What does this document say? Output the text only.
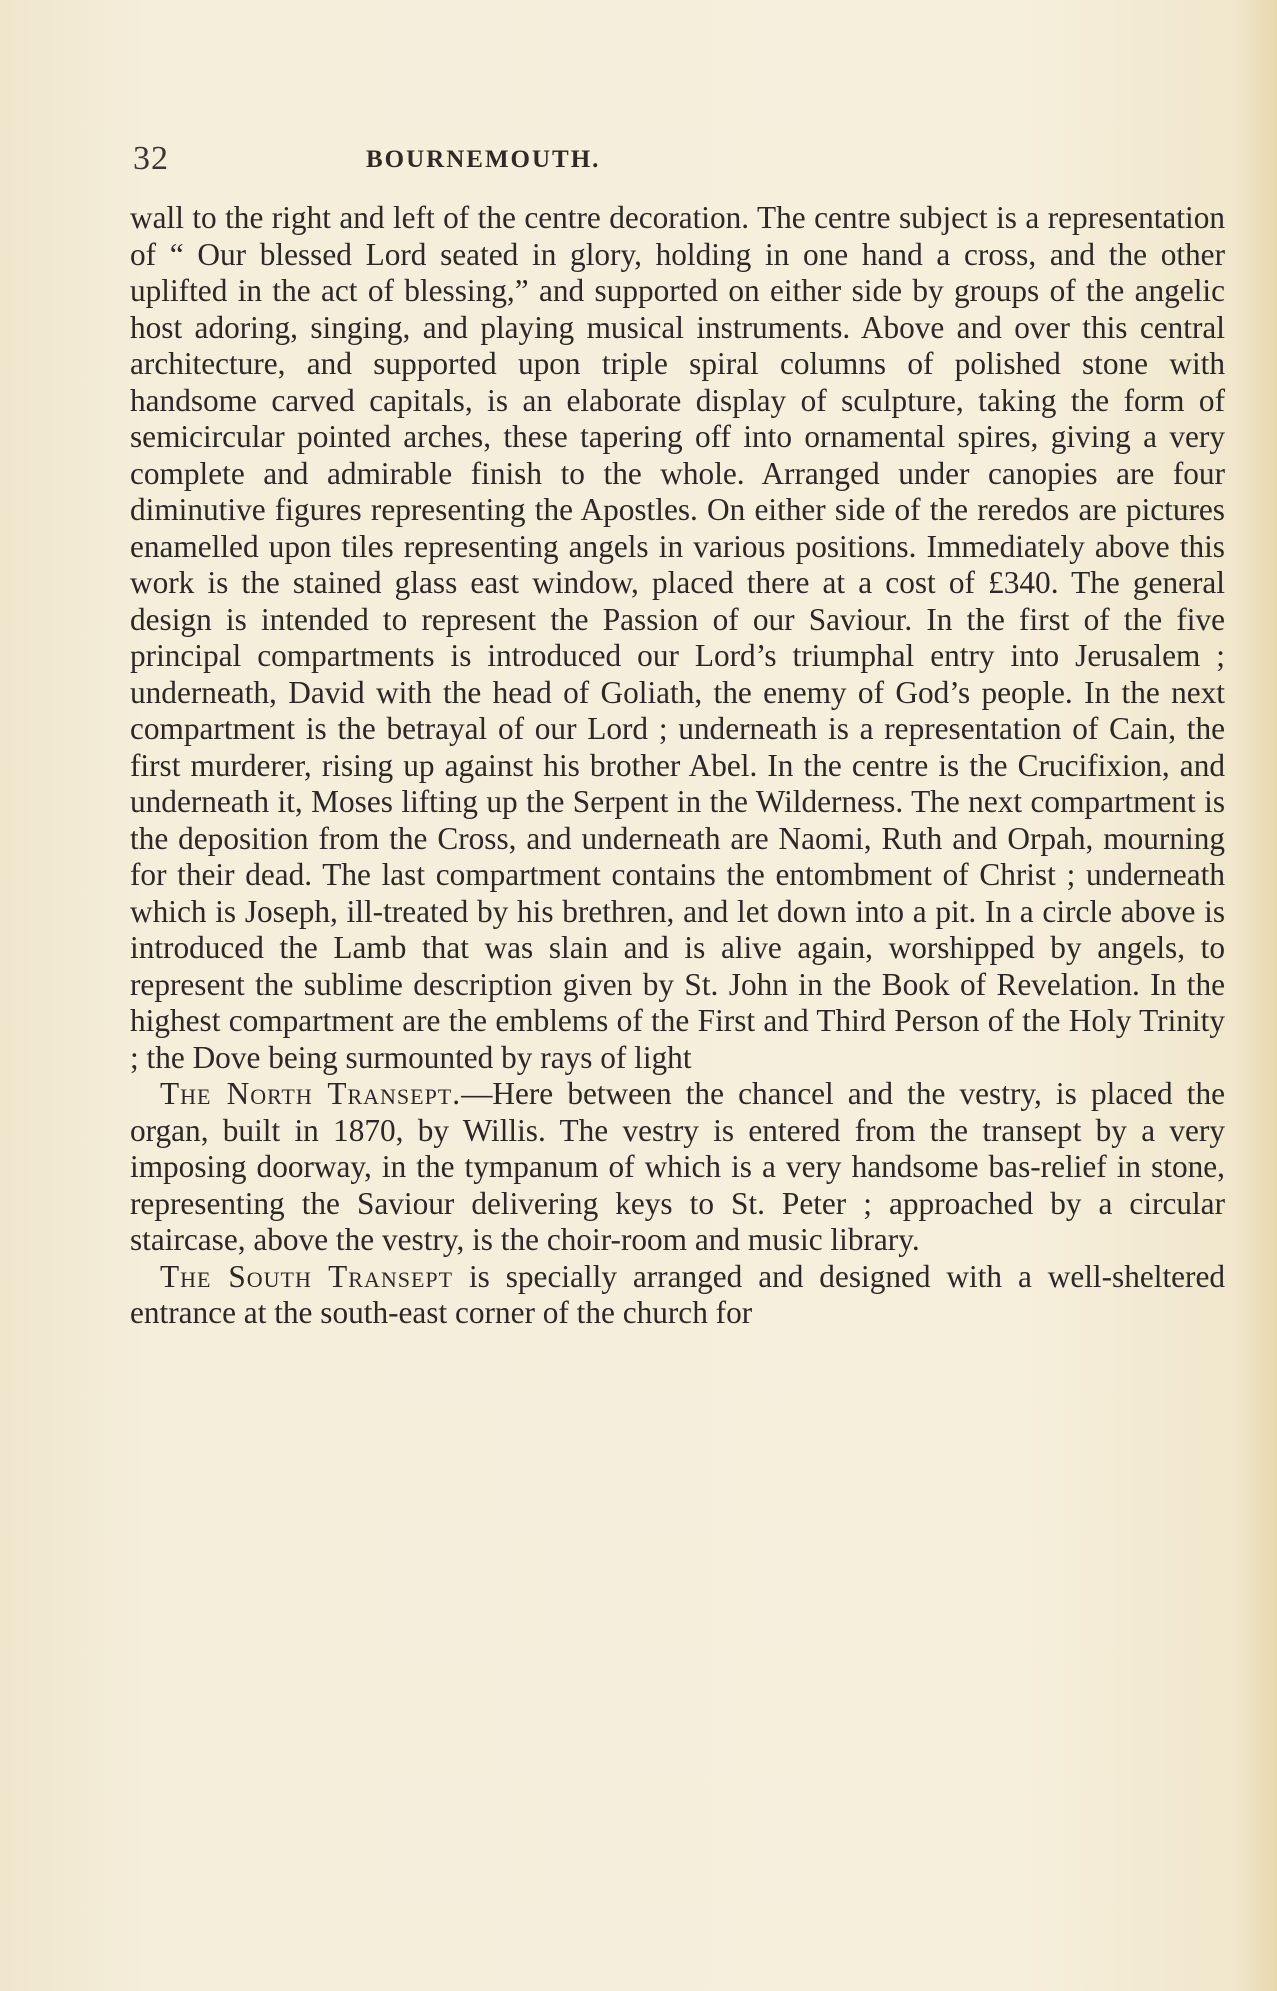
32	BOURNEMOUTH.

wall to the right and left of the centre decoration. The centre subject is a representation of “ Our blessed Lord seated in glory, holding in one hand a cross, and the other uplifted in the act of blessing,” and supported on either side by groups of the angelic host adoring, singing, and playing musical instruments. Above and over this central architecture, and supported upon triple spiral columns of polished stone with handsome carved capitals, is an elaborate display of sculpture, taking the form of semicircular pointed arches, these tapering off into ornamental spires, giving a very complete and admirable finish to the whole. Arranged under canopies are four diminutive figures representing the Apostles. On either side of the reredos are pictures enamelled upon tiles representing angels in various positions. Immediately above this work is the stained glass east window, placed there at a cost of £340. The general design is intended to represent the Passion of our Saviour. In the first of the five principal compartments is introduced our Lord’s triumphal entry into Jerusalem ; underneath, David with the head of Goliath, the enemy of God’s people. In the next compartment is the betrayal of our Lord ; underneath is a representation of Cain, the first murderer, rising up against his brother Abel. In the centre is the Crucifixion, and underneath it, Moses lifting up the Serpent in the Wilderness. The next compartment is the deposition from the Cross, and underneath are Naomi, Ruth and Orpah, mourning for their dead. The last compartment contains the entombment of Christ ; underneath which is Joseph, ill-treated by his brethren, and let down into a pit. In a circle above is introduced the Lamb that was slain and is alive again, worshipped by angels, to represent the sublime description given by St. John in the Book of Revelation. In the highest compartment are the emblems of the First and Third Person of the Holy Trinity ; the Dove being surmounted by rays of light

The North Transept.—Here between the chancel and the vestry, is placed the organ, built in 1870, by Willis. The vestry is entered from the transept by a very imposing doorway, in the tympanum of which is a very handsome bas-relief in stone, representing the Saviour delivering keys to St. Peter ; approached by a circular staircase, above the vestry, is the choir-room and music library.

The South Transept is specially arranged and designed with a well-sheltered entrance at the south-east corner of the church for
